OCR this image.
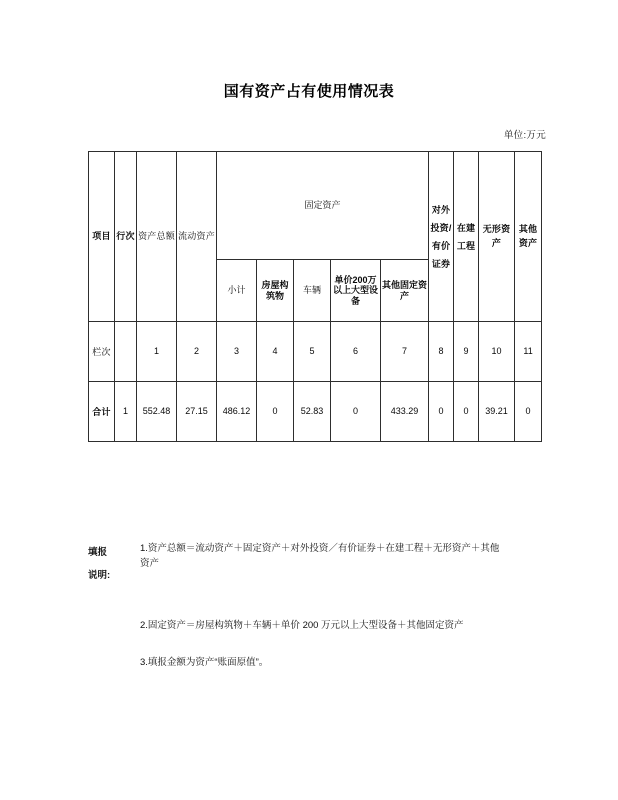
国有资产占有使用情况表
单位:万元
项目	行次	资产总额	流动资产	固定资产					对外投资/有价证券	在建工程	无形资产	其他资产
				小计	房屋构筑物	车辆	单价200万以上大型设备	其他固定资产				
栏次		1	2	3	4	5	6	7	8	9	10	11
合计	1	552.48	27.15	486.12	0	52.83	0	433.29	0	0	39.21	0
填报
说明:
1.资产总额＝流动资产＋固定资产＋对外投资／有价证券＋在建工程＋无形资产＋其他
资产
2.固定资产＝房屋构筑物＋车辆＋单价 200 万元以上大型设备＋其他固定资产
3.填报金额为资产“账面原值”。
